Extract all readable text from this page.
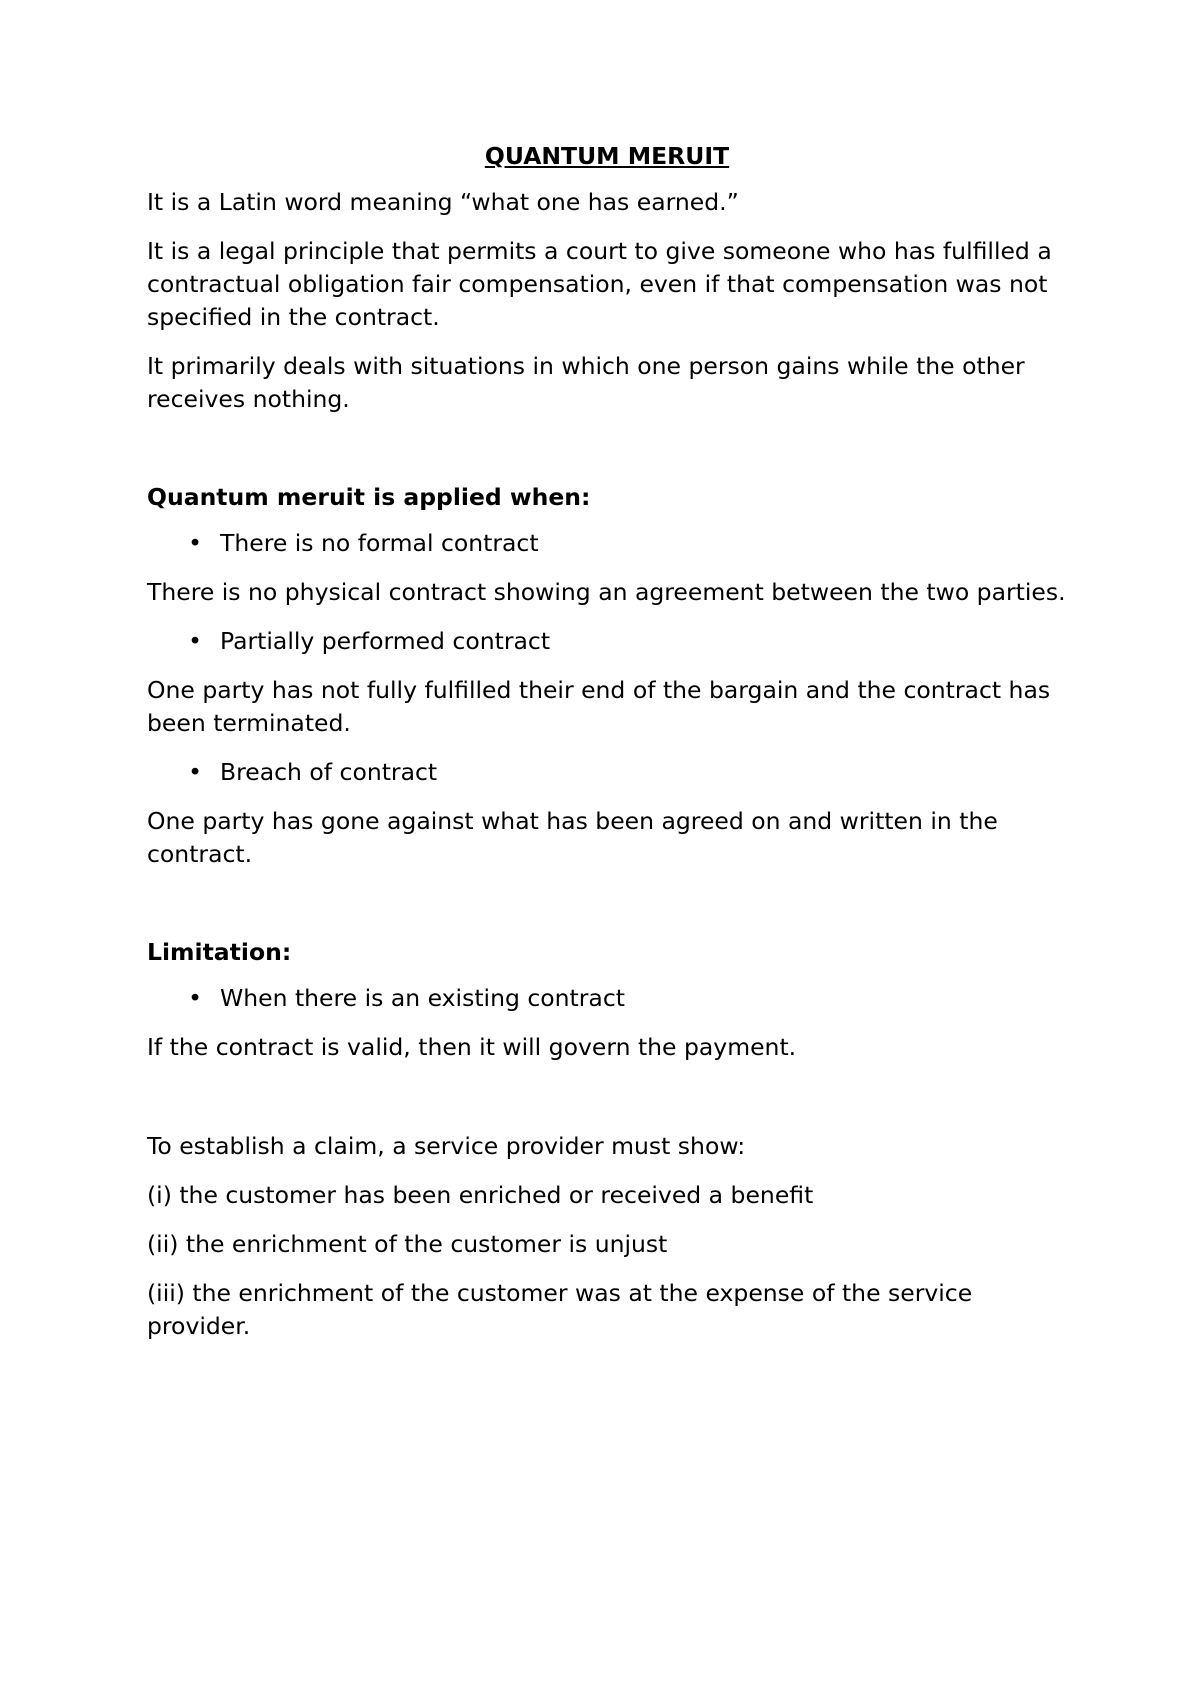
QUANTUM MERUIT

It is a Latin word meaning “what one has earned.”

It is a legal principle that permits a court to give someone who has fulfilled a contractual obligation fair compensation, even if that compensation was not specified in the contract.

It primarily deals with situations in which one person gains while the other receives nothing.

Quantum meruit is applied when:
• There is no formal contract

There is no physical contract showing an agreement between the two parties.

• Partially performed contract

One party has not fully fulfilled their end of the bargain and the contract has been terminated.

• Breach of contract

One party has gone against what has been agreed on and written in the contract.

Limitation:
• When there is an existing contract

If the contract is valid, then it will govern the payment.

To establish a claim, a service provider must show:

(i) the customer has been enriched or received a benefit

(ii) the enrichment of the customer is unjust

(iii) the enrichment of the customer was at the expense of the service provider.
